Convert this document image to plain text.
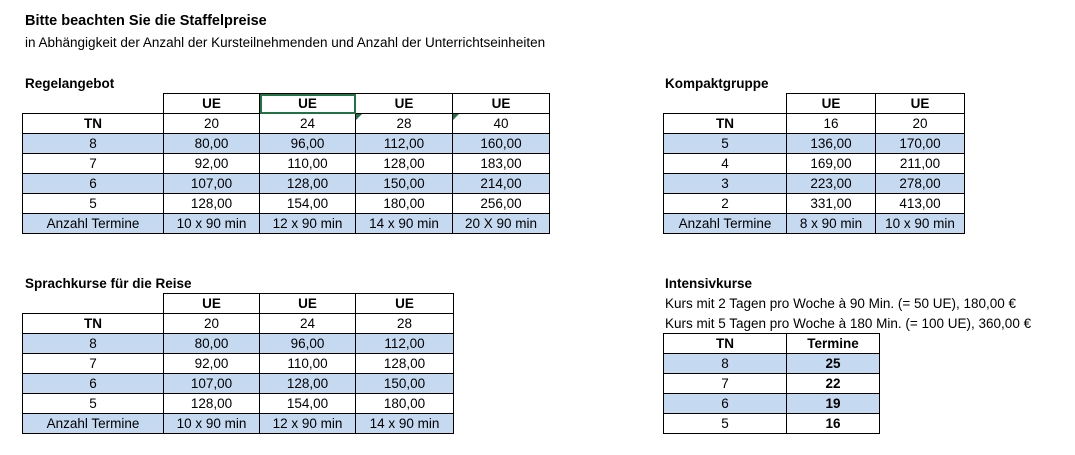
Bitte beachten Sie die Staffelpreise
in Abhängigkeit der Anzahl der Kursteilnehmenden und Anzahl der Unterrichtseinheiten
Regelangebot
	UE	UE	UE	UE
TN	20	24	28	40
8	80,00	96,00	112,00	160,00
7	92,00	110,00	128,00	183,00
6	107,00	128,00	150,00	214,00
5	128,00	154,00	180,00	256,00
Anzahl Termine	10 x 90 min	12 x 90 min	14 x 90 min	20 X 90 min
Kompaktgruppe
	UE	UE
TN	16	20
5	136,00	170,00
4	169,00	211,00
3	223,00	278,00
2	331,00	413,00
Anzahl Termine	8 x 90 min	10 x 90 min
Sprachkurse für die Reise
	UE	UE	UE
TN	20	24	28
8	80,00	96,00	112,00
7	92,00	110,00	128,00
6	107,00	128,00	150,00
5	128,00	154,00	180,00
Anzahl Termine	10 x 90 min	12 x 90 min	14 x 90 min
Intensivkurse
Kurs mit 2 Tagen pro Woche à 90 Min. (= 50 UE), 180,00 €
Kurs mit 5 Tagen pro Woche à 180 Min. (= 100 UE), 360,00 €
TN	Termine
8	25
7	22
6	19
5	16
